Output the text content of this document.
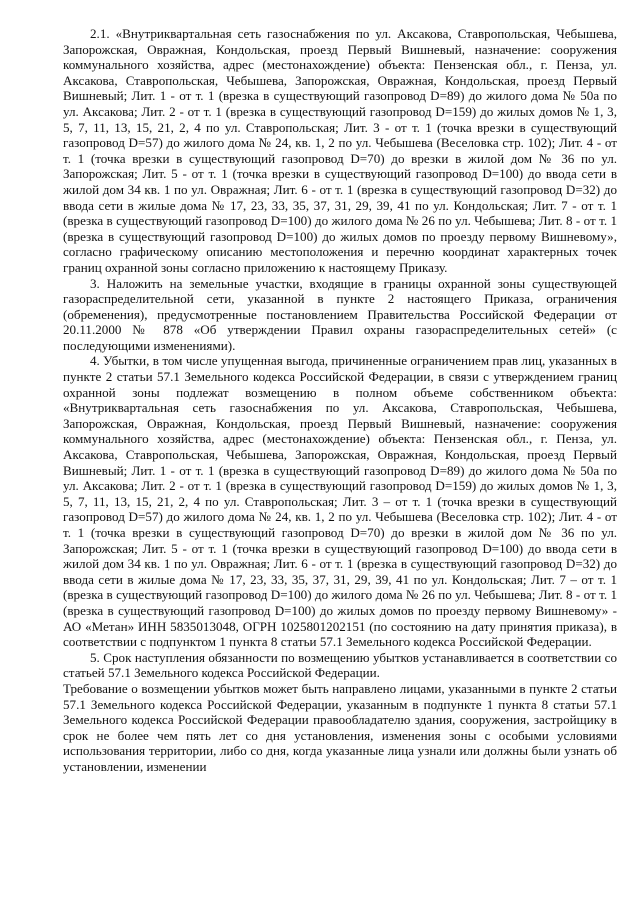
2.1. «Внутриквартальная сеть газоснабжения по ул. Аксакова, Ставропольская, Чебышева, Запорожская, Овражная, Кондольская, проезд Первый Вишневый, назначение: сооружения коммунального хозяйства, адрес (местонахождение) объекта: Пензенская обл., г. Пенза, ул. Аксакова, Ставропольская, Чебышева, Запорожская, Овражная, Кондольская, проезд Первый Вишневый; Лит. 1 - от т. 1 (врезка в существующий газопровод D=89) до жилого дома № 50а по ул. Аксакова; Лит. 2 - от т. 1 (врезка в существующий газопровод D=159) до жилых домов № 1, 3, 5, 7, 11, 13, 15, 21, 2, 4 по ул. Ставропольская; Лит. 3 - от т. 1 (точка врезки в существующий газопровод D=57) до жилого дома № 24, кв. 1, 2 по ул. Чебышева (Веселовка стр. 102); Лит. 4 - от т. 1 (точка врезки в существующий газопровод D=70) до врезки в жилой дом № 36 по ул. Запорожская; Лит. 5 - от т. 1 (точка врезки в существующий газопровод D=100) до ввода сети в жилой дом 34 кв. 1 по ул. Овражная; Лит. 6 - от т. 1 (врезка в существующий газопровод D=32) до ввода сети в жилые дома № 17, 23, 33, 35, 37, 31, 29, 39, 41 по ул. Кондольская; Лит. 7 - от т. 1 (врезка в существующий газопровод D=100) до жилого дома № 26 по ул. Чебышева; Лит. 8 - от т. 1 (врезка в существующий газопровод D=100) до жилых домов по проезду первому Вишневому», согласно графическому описанию местоположения и перечню координат характерных точек границ охранной зоны согласно приложению к настоящему Приказу.

3. Наложить на земельные участки, входящие в границы охранной зоны существующей газораспределительной сети, указанной в пункте 2 настоящего Приказа, ограничения (обременения), предусмотренные постановлением Правительства Российской Федерации от 20.11.2000 № 878 «Об утверждении Правил охраны газораспределительных сетей» (с последующими изменениями).

4. Убытки, в том числе упущенная выгода, причиненные ограничением прав лиц, указанных в пункте 2 статьи 57.1 Земельного кодекса Российской Федерации, в связи с утверждением границ охранной зоны подлежат возмещению в полном объеме собственником объекта: «Внутриквартальная сеть газоснабжения по ул. Аксакова, Ставропольская, Чебышева, Запорожская, Овражная, Кондольская, проезд Первый Вишневый, назначение: сооружения коммунального хозяйства, адрес (местонахождение) объекта: Пензенская обл., г. Пенза, ул. Аксакова, Ставропольская, Чебышева, Запорожская, Овражная, Кондольская, проезд Первый Вишневый; Лит. 1 - от т. 1 (врезка в существующий газопровод D=89) до жилого дома № 50а по ул. Аксакова; Лит. 2 - от т. 1 (врезка в существующий газопровод D=159) до жилых домов № 1, 3, 5, 7, 11, 13, 15, 21, 2, 4 по ул. Ставропольская; Лит. 3 – от т. 1 (точка врезки в существующий газопровод D=57) до жилого дома № 24, кв. 1, 2 по ул. Чебышева (Веселовка стр. 102); Лит. 4 - от т. 1 (точка врезки в существующий газопровод D=70) до врезки в жилой дом № 36 по ул. Запорожская; Лит. 5 - от т. 1 (точка врезки в существующий газопровод D=100) до ввода сети в жилой дом 34 кв. 1 по ул. Овражная; Лит. 6 - от т. 1 (врезка в существующий газопровод D=32) до ввода сети в жилые дома № 17, 23, 33, 35, 37, 31, 29, 39, 41 по ул. Кондольская; Лит. 7 – от т. 1 (врезка в существующий газопровод D=100) до жилого дома № 26 по ул. Чебышева; Лит. 8 - от т. 1 (врезка в существующий газопровод D=100) до жилых домов по проезду первому Вишневому» - АО «Метан» ИНН 5835013048, ОГРН 1025801202151 (по состоянию на дату принятия приказа), в соответствии с подпунктом 1 пункта 8 статьи 57.1 Земельного кодекса Российской Федерации.

5. Срок наступления обязанности по возмещению убытков устанавливается в соответствии со статьей 57.1 Земельного кодекса Российской Федерации.

Требование о возмещении убытков может быть направлено лицами, указанными в пункте 2 статьи 57.1 Земельного кодекса Российской Федерации, указанным в подпункте 1 пункта 8 статьи 57.1 Земельного кодекса Российской Федерации правообладателю здания, сооружения, застройщику в срок не более чем пять лет со дня установления, изменения зоны с особыми условиями использования территории, либо со дня, когда указанные лица узнали или должны были узнать об установлении, изменении
